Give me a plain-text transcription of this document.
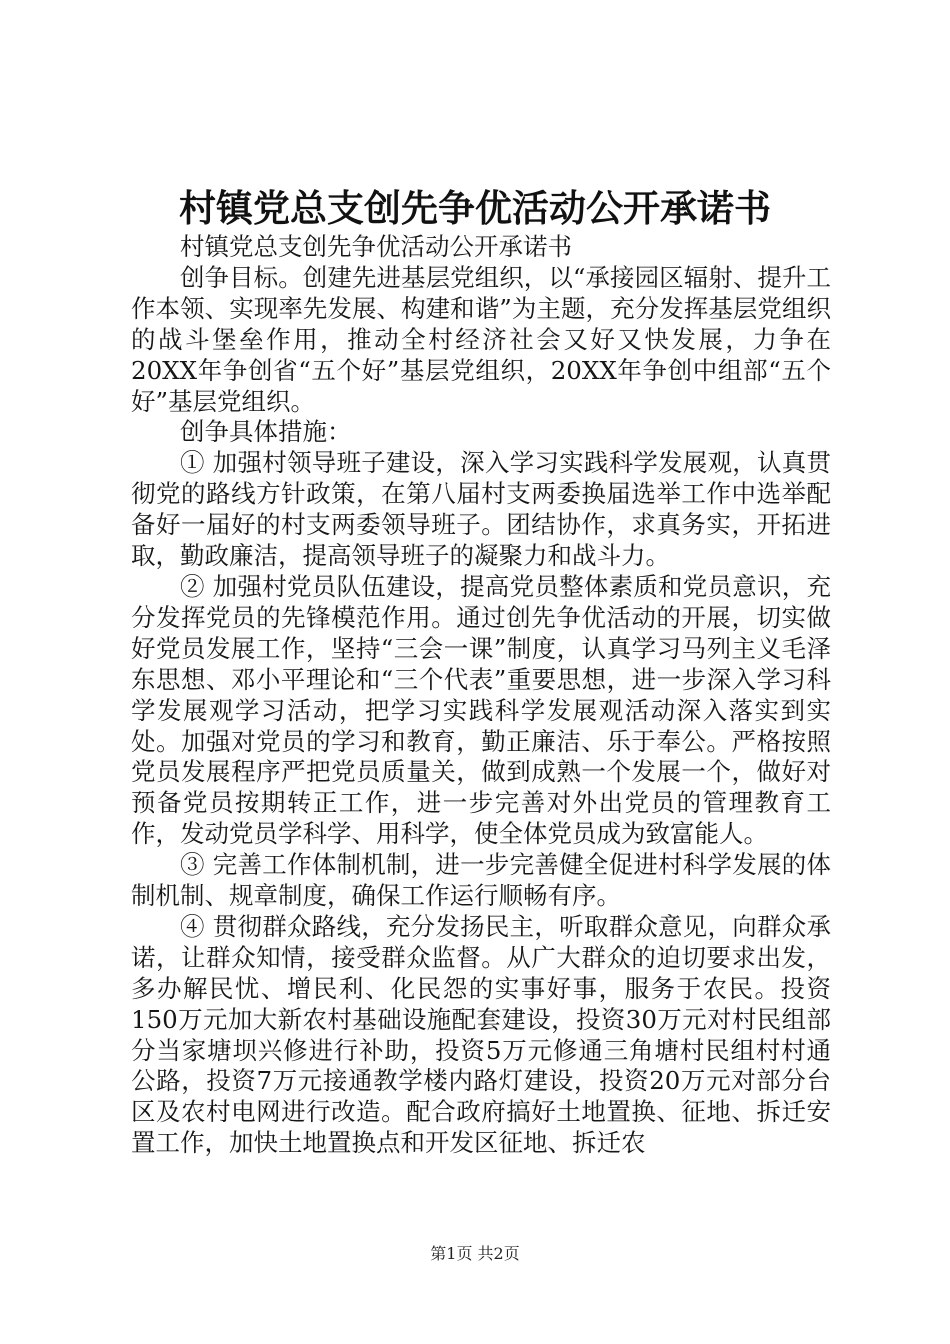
村镇党总支创先争优活动公开承诺书

村镇党总支创先争优活动公开承诺书

创争目标。创建先进基层党组织，以“承接园区辐射、提升工作本领、实现率先发展、构建和谐”为主题，充分发挥基层党组织的战斗堡垒作用，推动全村经济社会又好又快发展，力争在20XX年争创省“五个好”基层党组织，20XX年争创中组部“五个好”基层党组织。

创争具体措施：

① 加强村领导班子建设，深入学习实践科学发展观，认真贯彻党的路线方针政策，在第八届村支两委换届选举工作中选举配备好一届好的村支两委领导班子。团结协作，求真务实，开拓进取，勤政廉洁，提高领导班子的凝聚力和战斗力。

② 加强村党员队伍建设，提高党员整体素质和党员意识，充分发挥党员的先锋模范作用。通过创先争优活动的开展，切实做好党员发展工作，坚持“三会一课”制度，认真学习马列主义毛泽东思想、邓小平理论和“三个代表”重要思想，进一步深入学习科学发展观学习活动，把学习实践科学发展观活动深入落实到实处。加强对党员的学习和教育，勤正廉洁、乐于奉公。严格按照党员发展程序严把党员质量关，做到成熟一个发展一个，做好对预备党员按期转正工作，进一步完善对外出党员的管理教育工作，发动党员学科学、用科学，使全体党员成为致富能人。

③ 完善工作体制机制，进一步完善健全促进村科学发展的体制机制、规章制度，确保工作运行顺畅有序。

④ 贯彻群众路线，充分发扬民主，听取群众意见，向群众承诺，让群众知情，接受群众监督。从广大群众的迫切要求出发，多办解民忧、增民利、化民怨的实事好事，服务于农民。投资150万元加大新农村基础设施配套建设，投资30万元对村民组部分当家塘坝兴修进行补助，投资5万元修通三角塘村民组村村通公路，投资7万元接通教学楼内路灯建设，投资20万元对部分台区及农村电网进行改造。配合政府搞好土地置换、征地、拆迁安置工作，加快土地置换点和开发区征地、拆迁农

第1页 共2页
